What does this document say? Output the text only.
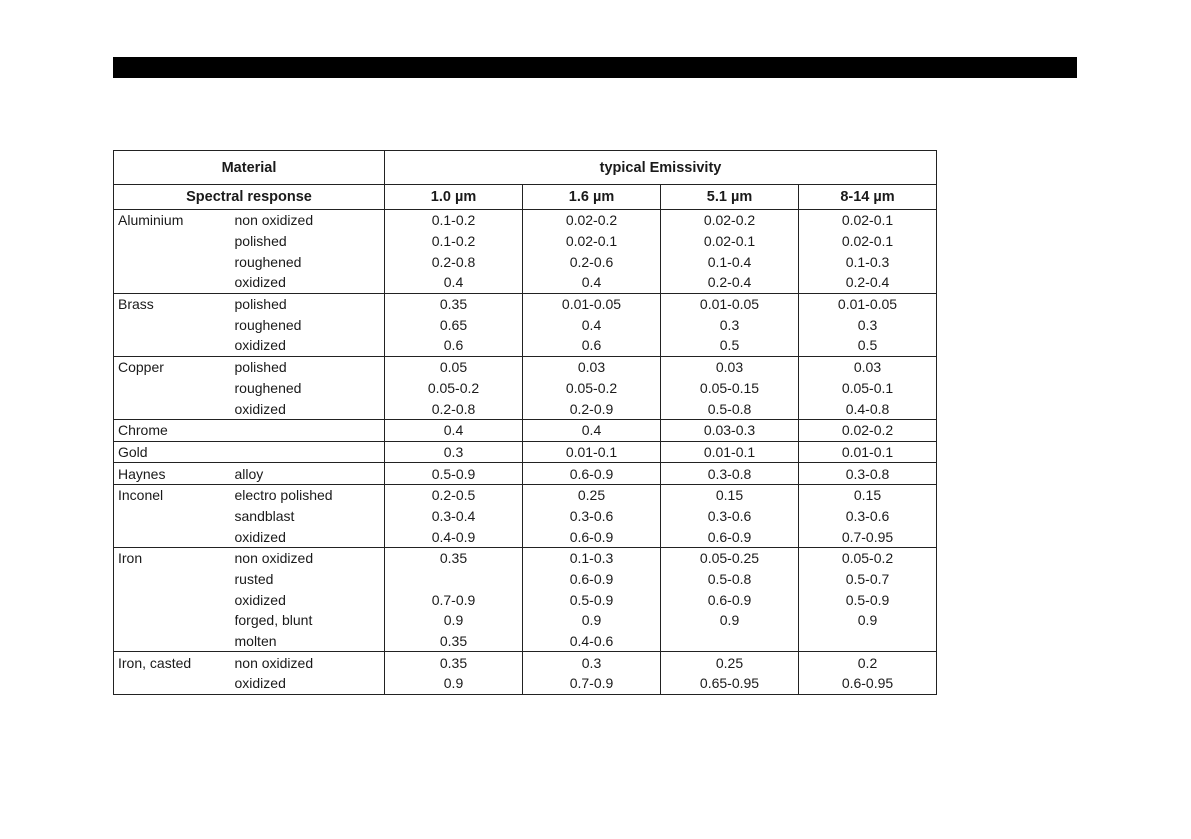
Material		typical Emissivity			
Spectral response		1.0 µm	1.6 µm	5.1 µm	8-14 µm
Aluminium	non oxidized	0.1-0.2	0.02-0.2	0.02-0.2	0.02-0.1
	polished	0.1-0.2	0.02-0.1	0.02-0.1	0.02-0.1
	roughened	0.2-0.8	0.2-0.6	0.1-0.4	0.1-0.3
	oxidized	0.4	0.4	0.2-0.4	0.2-0.4
Brass	polished	0.35	0.01-0.05	0.01-0.05	0.01-0.05
	roughened	0.65	0.4	0.3	0.3
	oxidized	0.6	0.6	0.5	0.5
Copper	polished	0.05	0.03	0.03	0.03
	roughened	0.05-0.2	0.05-0.2	0.05-0.15	0.05-0.1
	oxidized	0.2-0.8	0.2-0.9	0.5-0.8	0.4-0.8
Chrome		0.4	0.4	0.03-0.3	0.02-0.2
Gold		0.3	0.01-0.1	0.01-0.1	0.01-0.1
Haynes	alloy	0.5-0.9	0.6-0.9	0.3-0.8	0.3-0.8
Inconel	electro polished	0.2-0.5	0.25	0.15	0.15
	sandblast	0.3-0.4	0.3-0.6	0.3-0.6	0.3-0.6
	oxidized	0.4-0.9	0.6-0.9	0.6-0.9	0.7-0.95
Iron	non oxidized	0.35	0.1-0.3	0.05-0.25	0.05-0.2
	rusted		0.6-0.9	0.5-0.8	0.5-0.7
	oxidized	0.7-0.9	0.5-0.9	0.6-0.9	0.5-0.9
	forged, blunt	0.9	0.9	0.9	0.9
	molten	0.35	0.4-0.6		
Iron, casted	non oxidized	0.35	0.3	0.25	0.2
	oxidized	0.9	0.7-0.9	0.65-0.95	0.6-0.95
